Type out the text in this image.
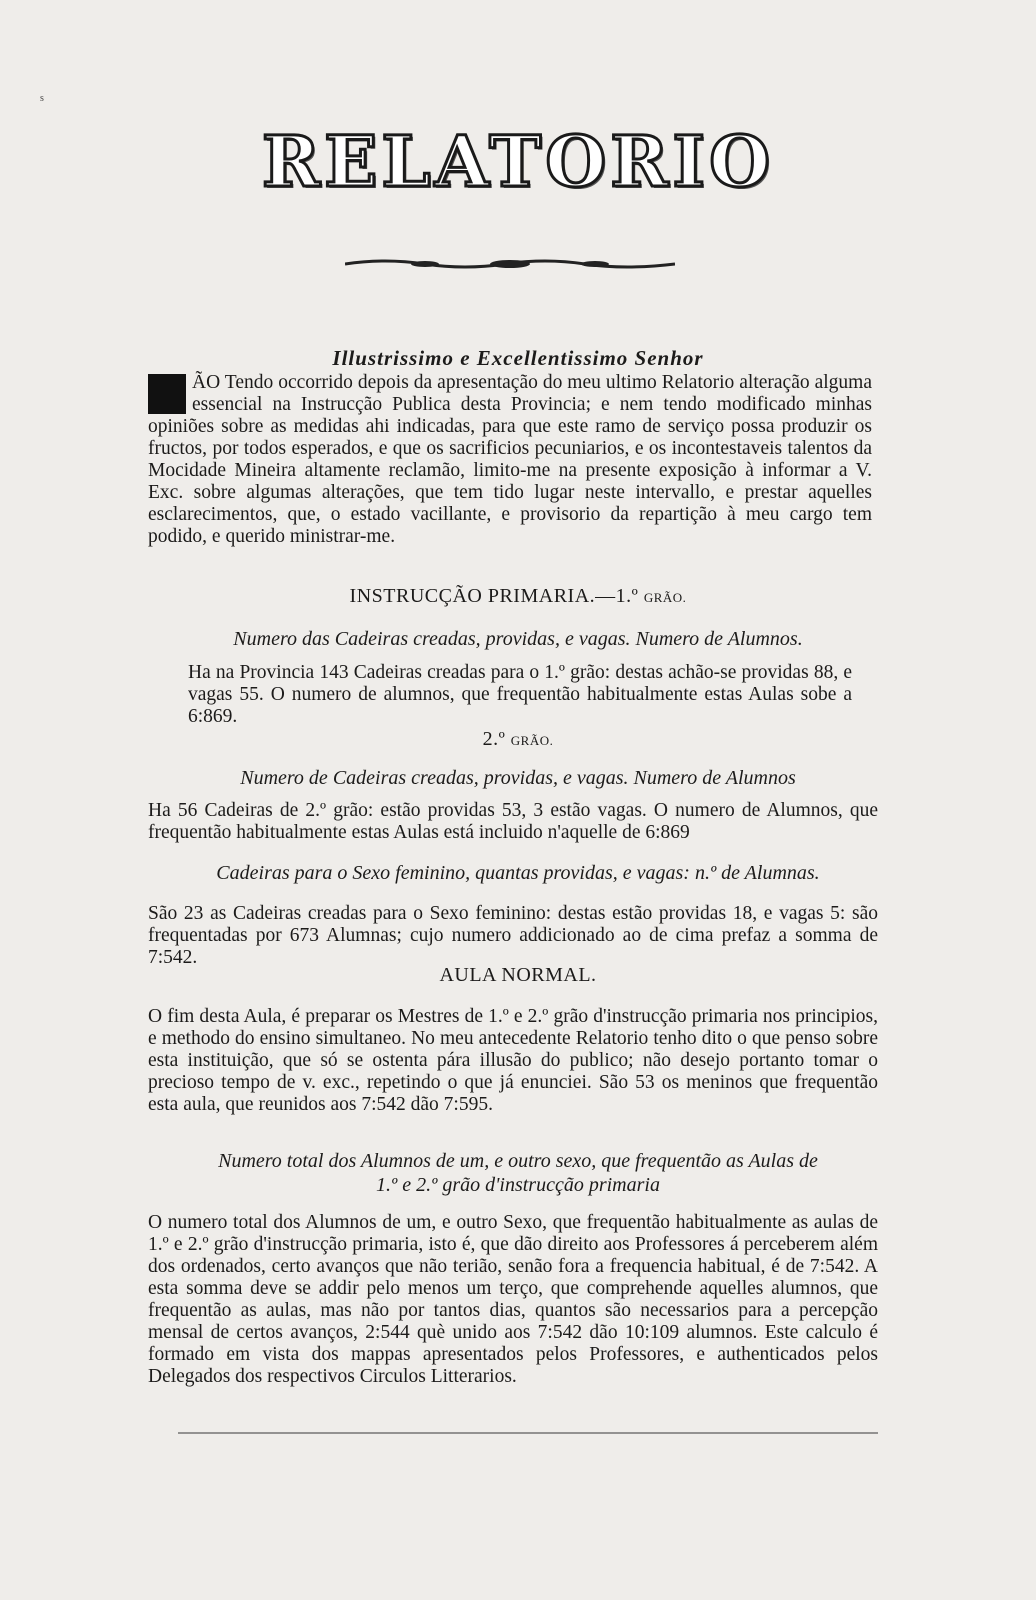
s
RELATORIO
Illustrissimo e Excellentissimo Senhor

ÃO Tendo occorrido depois da apresentação do meu ultimo Relatorio alteração alguma essencial na Instrucção Publica desta Provincia; e nem tendo modificado minhas opiniões sobre as medidas ahi indicadas, para que este ramo de serviço possa produzir os fructos, por todos esperados, e que os sacrificios pecuniarios, e os incontestaveis talentos da Mocidade Mineira altamente reclamão, limito-me na presente exposição à informar a V. Exc. sobre algumas alterações, que tem tido lugar neste intervallo, e prestar aquelles esclarecimentos, que, o estado vacillante, e provisorio da repartição à meu cargo tem podido, e querido ministrar-me.

INSTRUCÇÃO PRIMARIA.—1.º GRÃO.
Numero das Cadeiras creadas, providas, e vagas. Numero de Alumnos.

Ha na Provincia 143 Cadeiras creadas para o 1.º grão: destas achão-se providas 88, e vagas 55. O numero de alumnos, que frequentão habitualmente estas Aulas sobe a 6:869.

2.º GRÃO.
Numero de Cadeiras creadas, providas, e vagas. Numero de Alumnos

Ha 56 Cadeiras de 2.º grão: estão providas 53, 3 estão vagas. O numero de Alumnos, que frequentão habitualmente estas Aulas está incluido n'aquelle de 6:869

Cadeiras para o Sexo feminino, quantas providas, e vagas: n.º de Alumnas.

São 23 as Cadeiras creadas para o Sexo feminino: destas estão providas 18, e vagas 5: são frequentadas por 673 Alumnas; cujo numero addicionado ao de cima prefaz a somma de 7:542.

AULA NORMAL.

O fim desta Aula, é preparar os Mestres de 1.º e 2.º grão d'instrucção primaria nos principios, e methodo do ensino simultaneo. No meu antecedente Relatorio tenho dito o que penso sobre esta instituição, que só se ostenta pára illusão do publico; não desejo portanto tomar o precioso tempo de v. exc., repetindo o que já enunciei. São 53 os meninos que frequentão esta aula, que reunidos aos 7:542 dão 7:595.

Numero total dos Alumnos de um, e outro sexo, que frequentão as Aulas de
1.º e 2.º grão d'instrucção primaria

O numero total dos Alumnos de um, e outro Sexo, que frequentão habitualmente as aulas de 1.º e 2.º grão d'instrucção primaria, isto é, que dão direito aos Professores á perceberem além dos ordenados, certo avanços que não terião, senão fora a frequencia habitual, é de 7:542. A esta somma deve se addir pelo menos um terço, que comprehende aquelles alumnos, que frequentão as aulas, mas não por tantos dias, quantos são necessarios para a percepção mensal de certos avanços, 2:544 què unido aos 7:542 dão 10:109 alumnos. Este calculo é formado em vista dos mappas apresentados pelos Professores, e authenticados pelos Delegados dos respectivos Circulos Litterarios.
